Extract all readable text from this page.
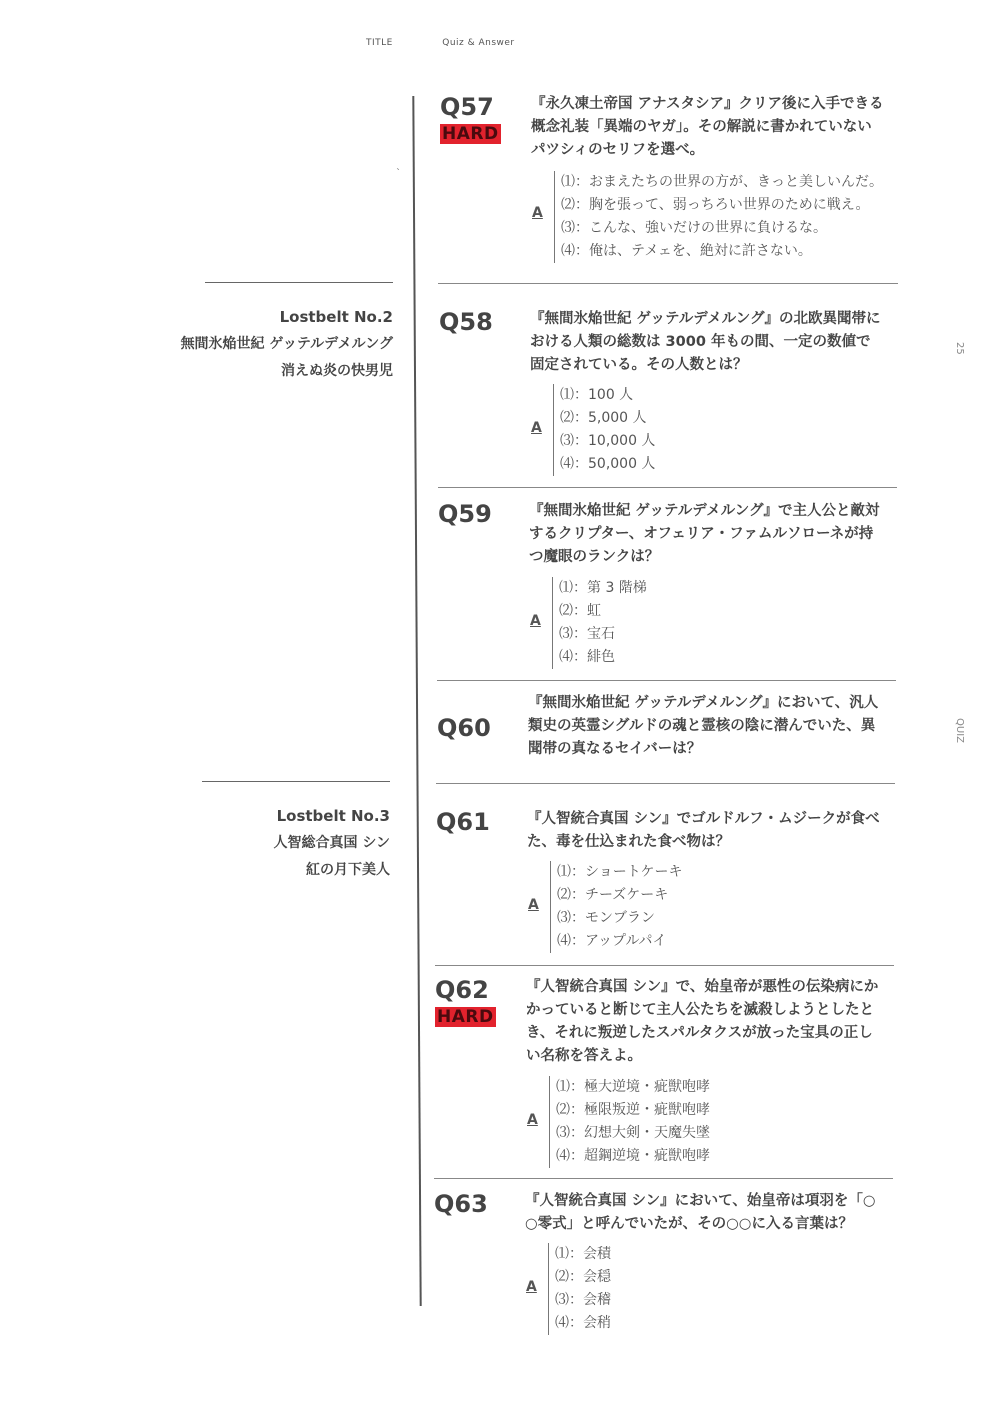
TITLE	Quiz & Answer
`
25
QUIZ
Lostbelt No.2
無間氷焔世紀 ゲッテルデメルング
消えぬ炎の快男児
Lostbelt No.3
人智総合真国 シン
紅の月下美人
Q57
HARD
『永久凍土帝国 アナスタシア』クリア後に入手できる
概念礼装「異端のヤガ」。その解説に書かれていない
パツシィのセリフを選べ。
A
⑴：おまえたちの世界の方が、きっと美しいんだ。
⑵：胸を張って、弱っちろい世界のために戦え。
⑶：こんな、強いだけの世界に負けるな。
⑷：俺は、テメェを、絶対に許さない。
Q58	『無間氷焔世紀 ゲッテルデメルング』の北欧異聞帯に
おける人類の総数は 3000 年もの間、一定の数値で
固定されている。その人数とは？
A
⑴：100 人
⑵：5,000 人
⑶：10,000 人
⑷：50,000 人
Q59	『無間氷焔世紀 ゲッテルデメルング』で主人公と敵対
するクリプター、オフェリア・ファムルソローネが持
つ魔眼のランクは？
A
⑴：第 3 階梯
⑵：虹
⑶：宝石
⑷：緋色
Q60
『無間氷焔世紀 ゲッテルデメルング』において、汎人
類史の英霊シグルドの魂と霊核の陰に潜んでいた、異
聞帯の真なるセイバーは？
Q61	『人智統合真国 シン』でゴルドルフ・ムジークが食べ
た、毒を仕込まれた食べ物は？
A
⑴：ショートケーキ
⑵：チーズケーキ
⑶：モンブラン
⑷：アップルパイ
Q62
HARD
『人智統合真国 シン』で、始皇帝が悪性の伝染病にか
かっていると断じて主人公たちを滅殺しようとしたと
き、それに叛逆したスパルタクスが放った宝具の正し
い名称を答えよ。
A
⑴：極大逆境・疵獣咆哮
⑵：極限叛逆・疵獣咆哮
⑶：幻想大剣・天魔失墜
⑷：超鋼逆境・疵獣咆哮
Q63	『人智統合真国 シン』において、始皇帝は項羽を「○
○零式」と呼んでいたが、その○○に入る言葉は？
A
⑴：会積
⑵：会穏
⑶：会稽
⑷：会稍
